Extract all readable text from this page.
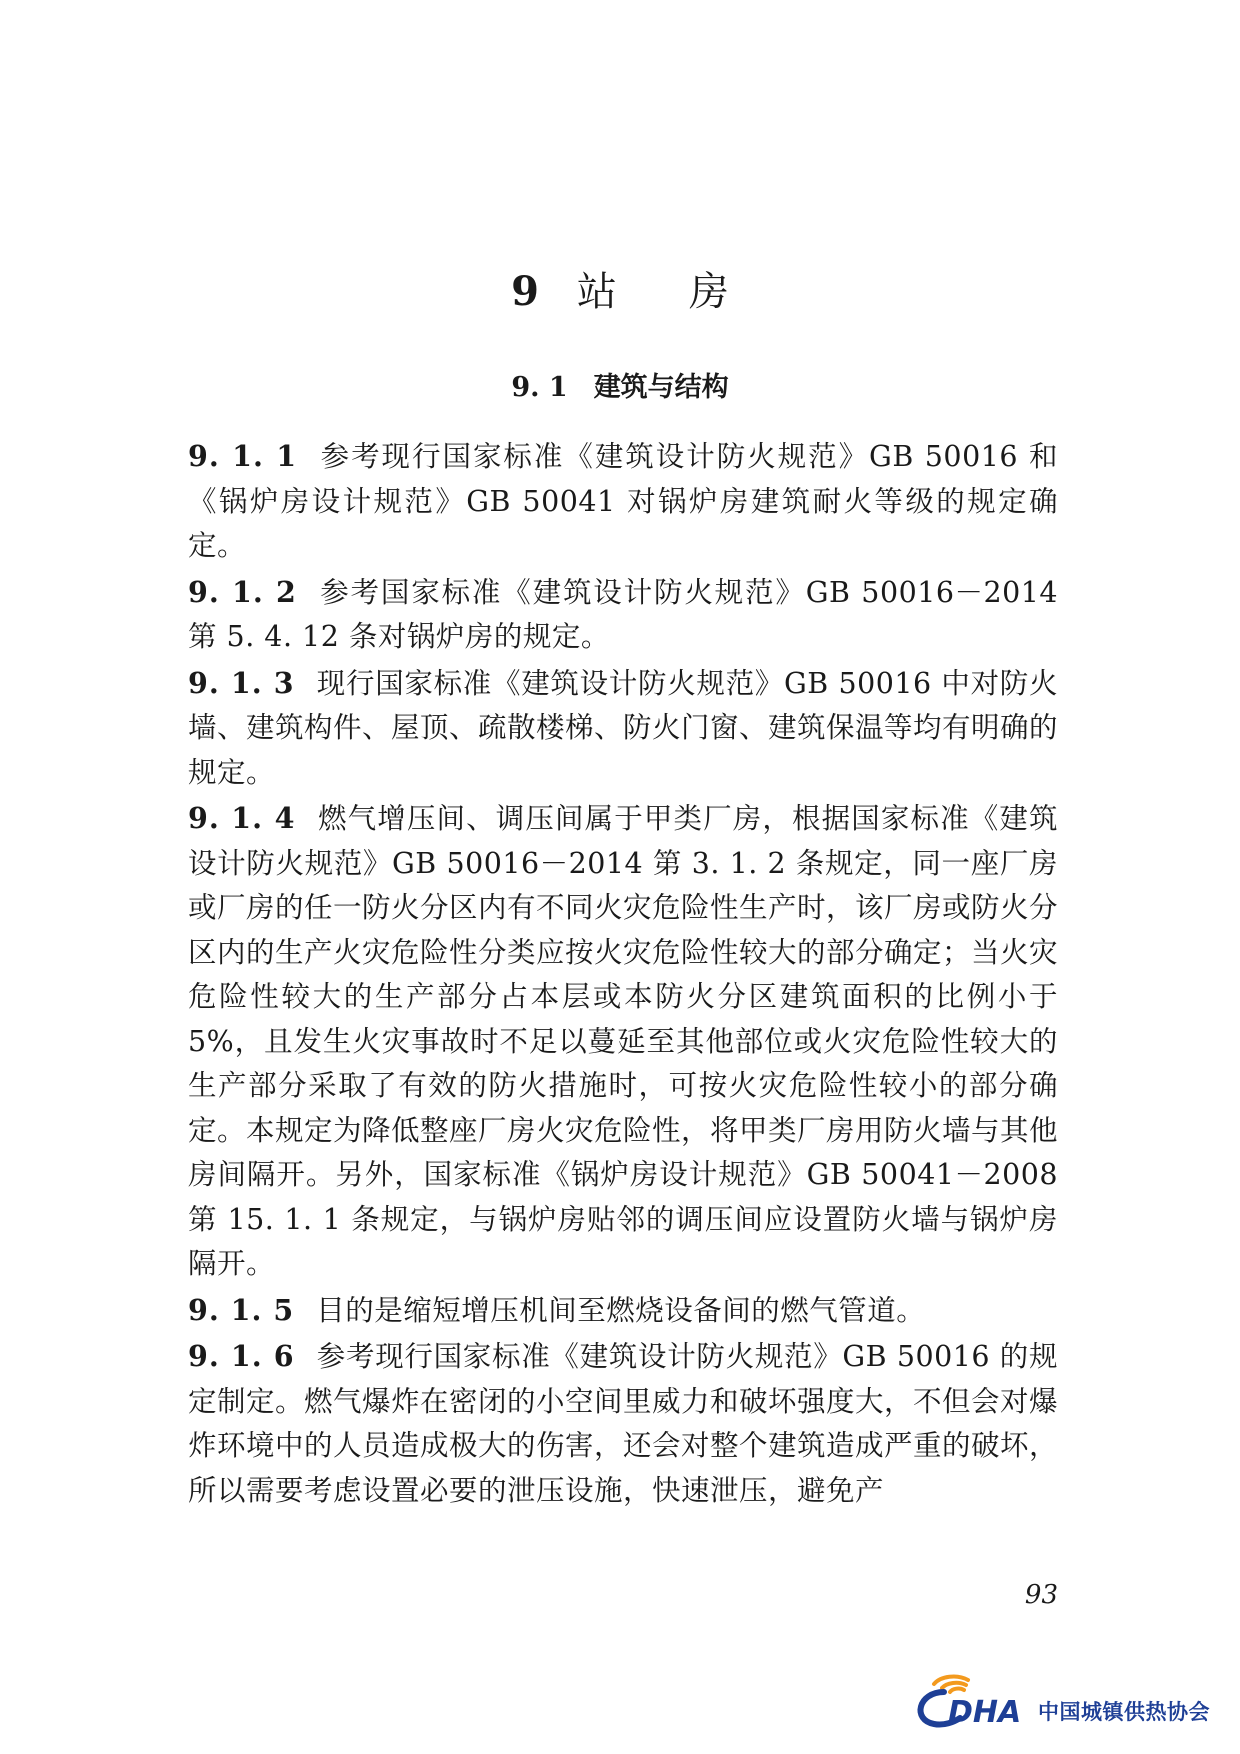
9 站 房
9. 1 建筑与结构

9. 1. 1 参考现行国家标准《建筑设计防火规范》GB 50016 和《锅炉房设计规范》GB 50041 对锅炉房建筑耐火等级的规定确定。

9. 1. 2 参考国家标准《建筑设计防火规范》GB 50016－2014 第 5. 4. 12 条对锅炉房的规定。

9. 1. 3 现行国家标准《建筑设计防火规范》GB 50016 中对防火墙、建筑构件、屋顶、疏散楼梯、防火门窗、建筑保温等均有明确的规定。

9. 1. 4 燃气增压间、调压间属于甲类厂房，根据国家标准《建筑设计防火规范》GB 50016－2014 第 3. 1. 2 条规定，同一座厂房或厂房的任一防火分区内有不同火灾危险性生产时，该厂房或防火分区内的生产火灾危险性分类应按火灾危险性较大的部分确定；当火灾危险性较大的生产部分占本层或本防火分区建筑面积的比例小于 5%，且发生火灾事故时不足以蔓延至其他部位或火灾危险性较大的生产部分采取了有效的防火措施时，可按火灾危险性较小的部分确定。本规定为降低整座厂房火灾危险性，将甲类厂房用防火墙与其他房间隔开。另外，国家标准《锅炉房设计规范》GB 50041－2008 第 15. 1. 1 条规定，与锅炉房贴邻的调压间应设置防火墙与锅炉房隔开。

9. 1. 5 目的是缩短增压机间至燃烧设备间的燃气管道。

9. 1. 6 参考现行国家标准《建筑设计防火规范》GB 50016 的规定制定。燃气爆炸在密闭的小空间里威力和破坏强度大，不但会对爆炸环境中的人员造成极大的伤害，还会对整个建筑造成严重的破坏，所以需要考虑设置必要的泄压设施，快速泄压，避免产

93
DHA 中国城镇供热协会
